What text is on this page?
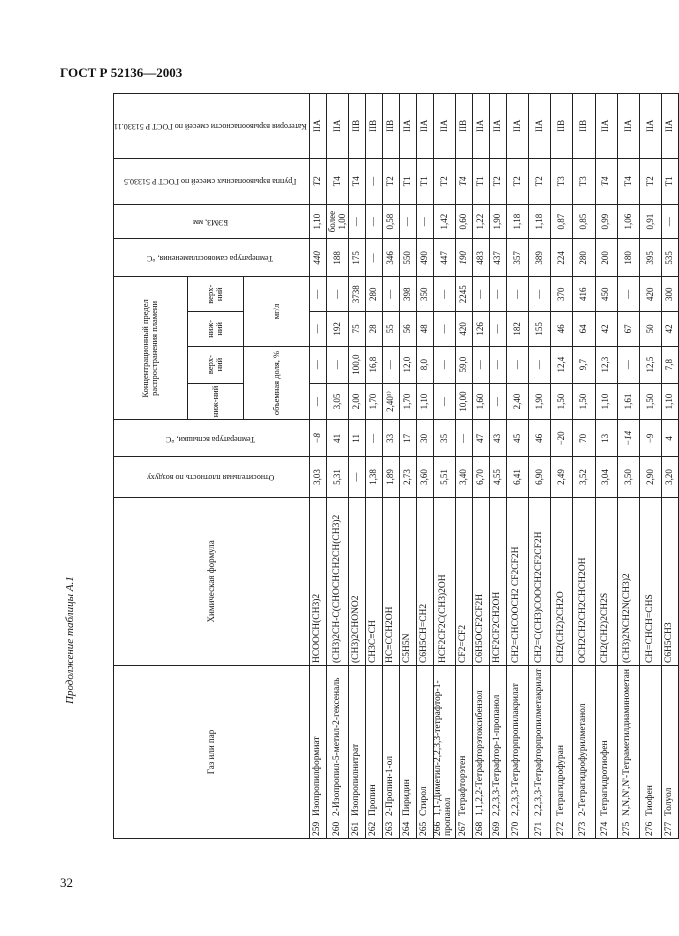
ГОСТ Р 52136—2003
32
Продолжение таблицы А.1
Газ или пар	Химическая формула	Относительная плотность по воздуху	Температура вспышки, °С	Концентрационный предел распространения пламени				Температура самовоспламенения, °С	БЭМЗ, мм	Группа взрывоопасных смесей по ГОСТ Р 51330.5	Категория взрывоопасности смесей по ГОСТ Р 51330.11
				ниж-ний	верх-ний	ниж-ний	верх-ний				
				объемная доля, %		мг/л					
259Изопропилформиат	HCOOCH(CH3)2	3,03	−8	—	—	—	—	440	1,10	T2	IIA
2602-Изопропил-5-метил-2-гексеналь	(CH3)2CH-C(CHOCHCH2CH(CH3)2	5,31	41	3,05	—	192	—	188	более 1,00	T4	IIA
261Изопропилнитрат	(CH3)2CHONO2	—	11	2,00	100,0	75	3738	175	—	T4	IIB
262Пропин	CH3C≡CH	1,38	—	1,70	16,8	28	280	—	—	—	IIB
2632-Пропин-1-ол	HC≡CCH2OH	1,89	33	2,40¹⁾	—	55	—	346	0,58	T2	IIB
264Пиридин	C5H5N	2,73	17	1,70	12,0	56	398	550	—	T1	IIA
265Стирол	C6H5CH=CH2	3,60	30	1,10	8,0	48	350	490	—	T1	IIA
2661,1-Диметил-2,2,3,3-тетрафтор-1-пропанол	HCF2CF2C(CH3)2OH	5,51	35	—	—	—	—	447	1,42	T2	IIA
267Тетрафторэтен	CF2=CF2	3,40	—	10,00	59,0	420	2245	190	0,60	T4	IIB
2681,1,2,2-Тетрафторэтоксибензол	C6H5OCF2CF2H	6,70	47	1,60	—	126	—	483	1,22	T1	IIA
2692,2,3,3-Тетрафтор-1-пропанол	HCF2CF2CH2OH	4,55	43	—	—	—	—	437	1,90	T2	IIA
2702,2,3,3-Тетрафторпропилакрилат	CH2=CHCOOCH2 CF2CF2H	6,41	45	2,40	—	182	—	357	1,18	T2	IIA
2712,2,3,3-Тетрафторпропилметакрилат	CH2=C(CH3)COOCH2CF2CF2H	6,90	46	1,90	—	155	—	389	1,18	T2	IIA
272Тетрагидрофуран	CH2(CH2)2CH2O	2,49	−20	1,50	12,4	46	370	224	0,87	T3	IIB
2732-Тетрагидрофурилметанол	OCH2CH2CH2CHCH2OH	3,52	70	1,50	9,7	64	416	280	0,85	T3	IIB
274Тетрагидротиофен	CH2(CH2)2CH2S	3,04	13	1,10	12,3	42	450	200	0,99	T4	IIA
275N,N,N',N'-Тетраметилдиаминометан	(CH3)2NCH2N(CH3)2	3,50	−14	1,61	—	67	—	180	1,06	T4	IIA
276Тиофен	CH=CHCH=CHS	2,90	−9	1,50	12,5	50	420	395	0,91	T2	IIA
277Толуол	C6H5CH3	3,20	4	1,10	7,8	42	300	535	—	T1	IIA
